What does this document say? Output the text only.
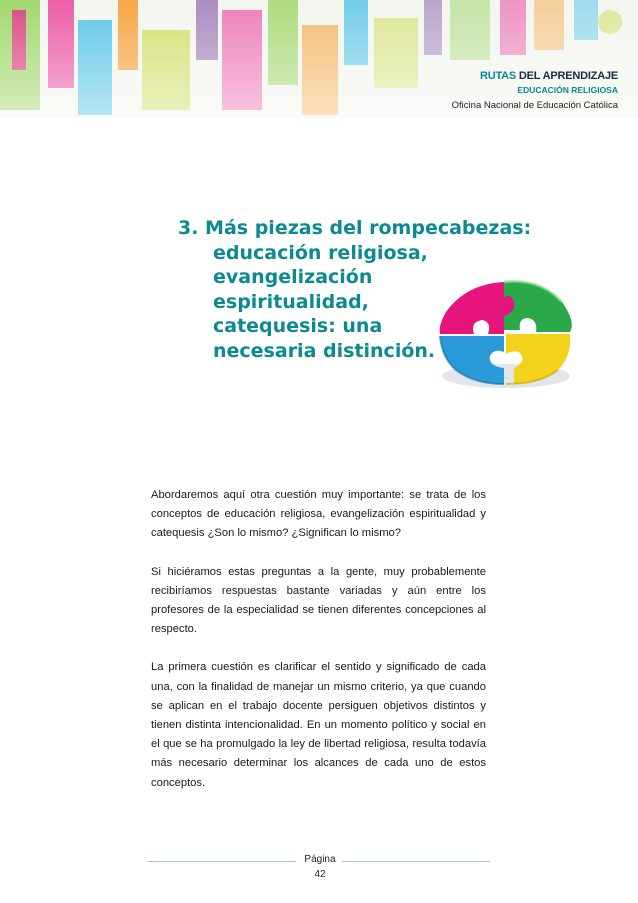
RUTAS DEL APRENDIZAJE
EDUCACIÓN RELIGIOSA
Oficina Nacional de Educación Católica
3. Más piezas del rompecabezas:
educación religiosa,
evangelización
espiritualidad,
catequesis: una
necesaria distinción.

Abordaremos aquí otra cuestión muy importante: se trata de los conceptos de educación religiosa, evangelización espiritualidad y catequesis ¿Son lo mismo? ¿Significan lo mismo?

Si hiciéramos estas preguntas a la gente, muy probablemente recibiríamos respuestas bastante variadas y aún entre los profesores de la especialidad se tienen diferentes concepciones al respecto.

La primera cuestión es clarificar el sentido y significado de cada una, con la finalidad de manejar un mismo criterio, ya que cuando se aplican en el trabajo docente persiguen objetivos distintos y tienen distinta intencionalidad. En un momento político y social en el que se ha promulgado la ley de libertad religiosa, resulta todavía más necesario determinar los alcances de cada uno de estos conceptos.

Página
42
